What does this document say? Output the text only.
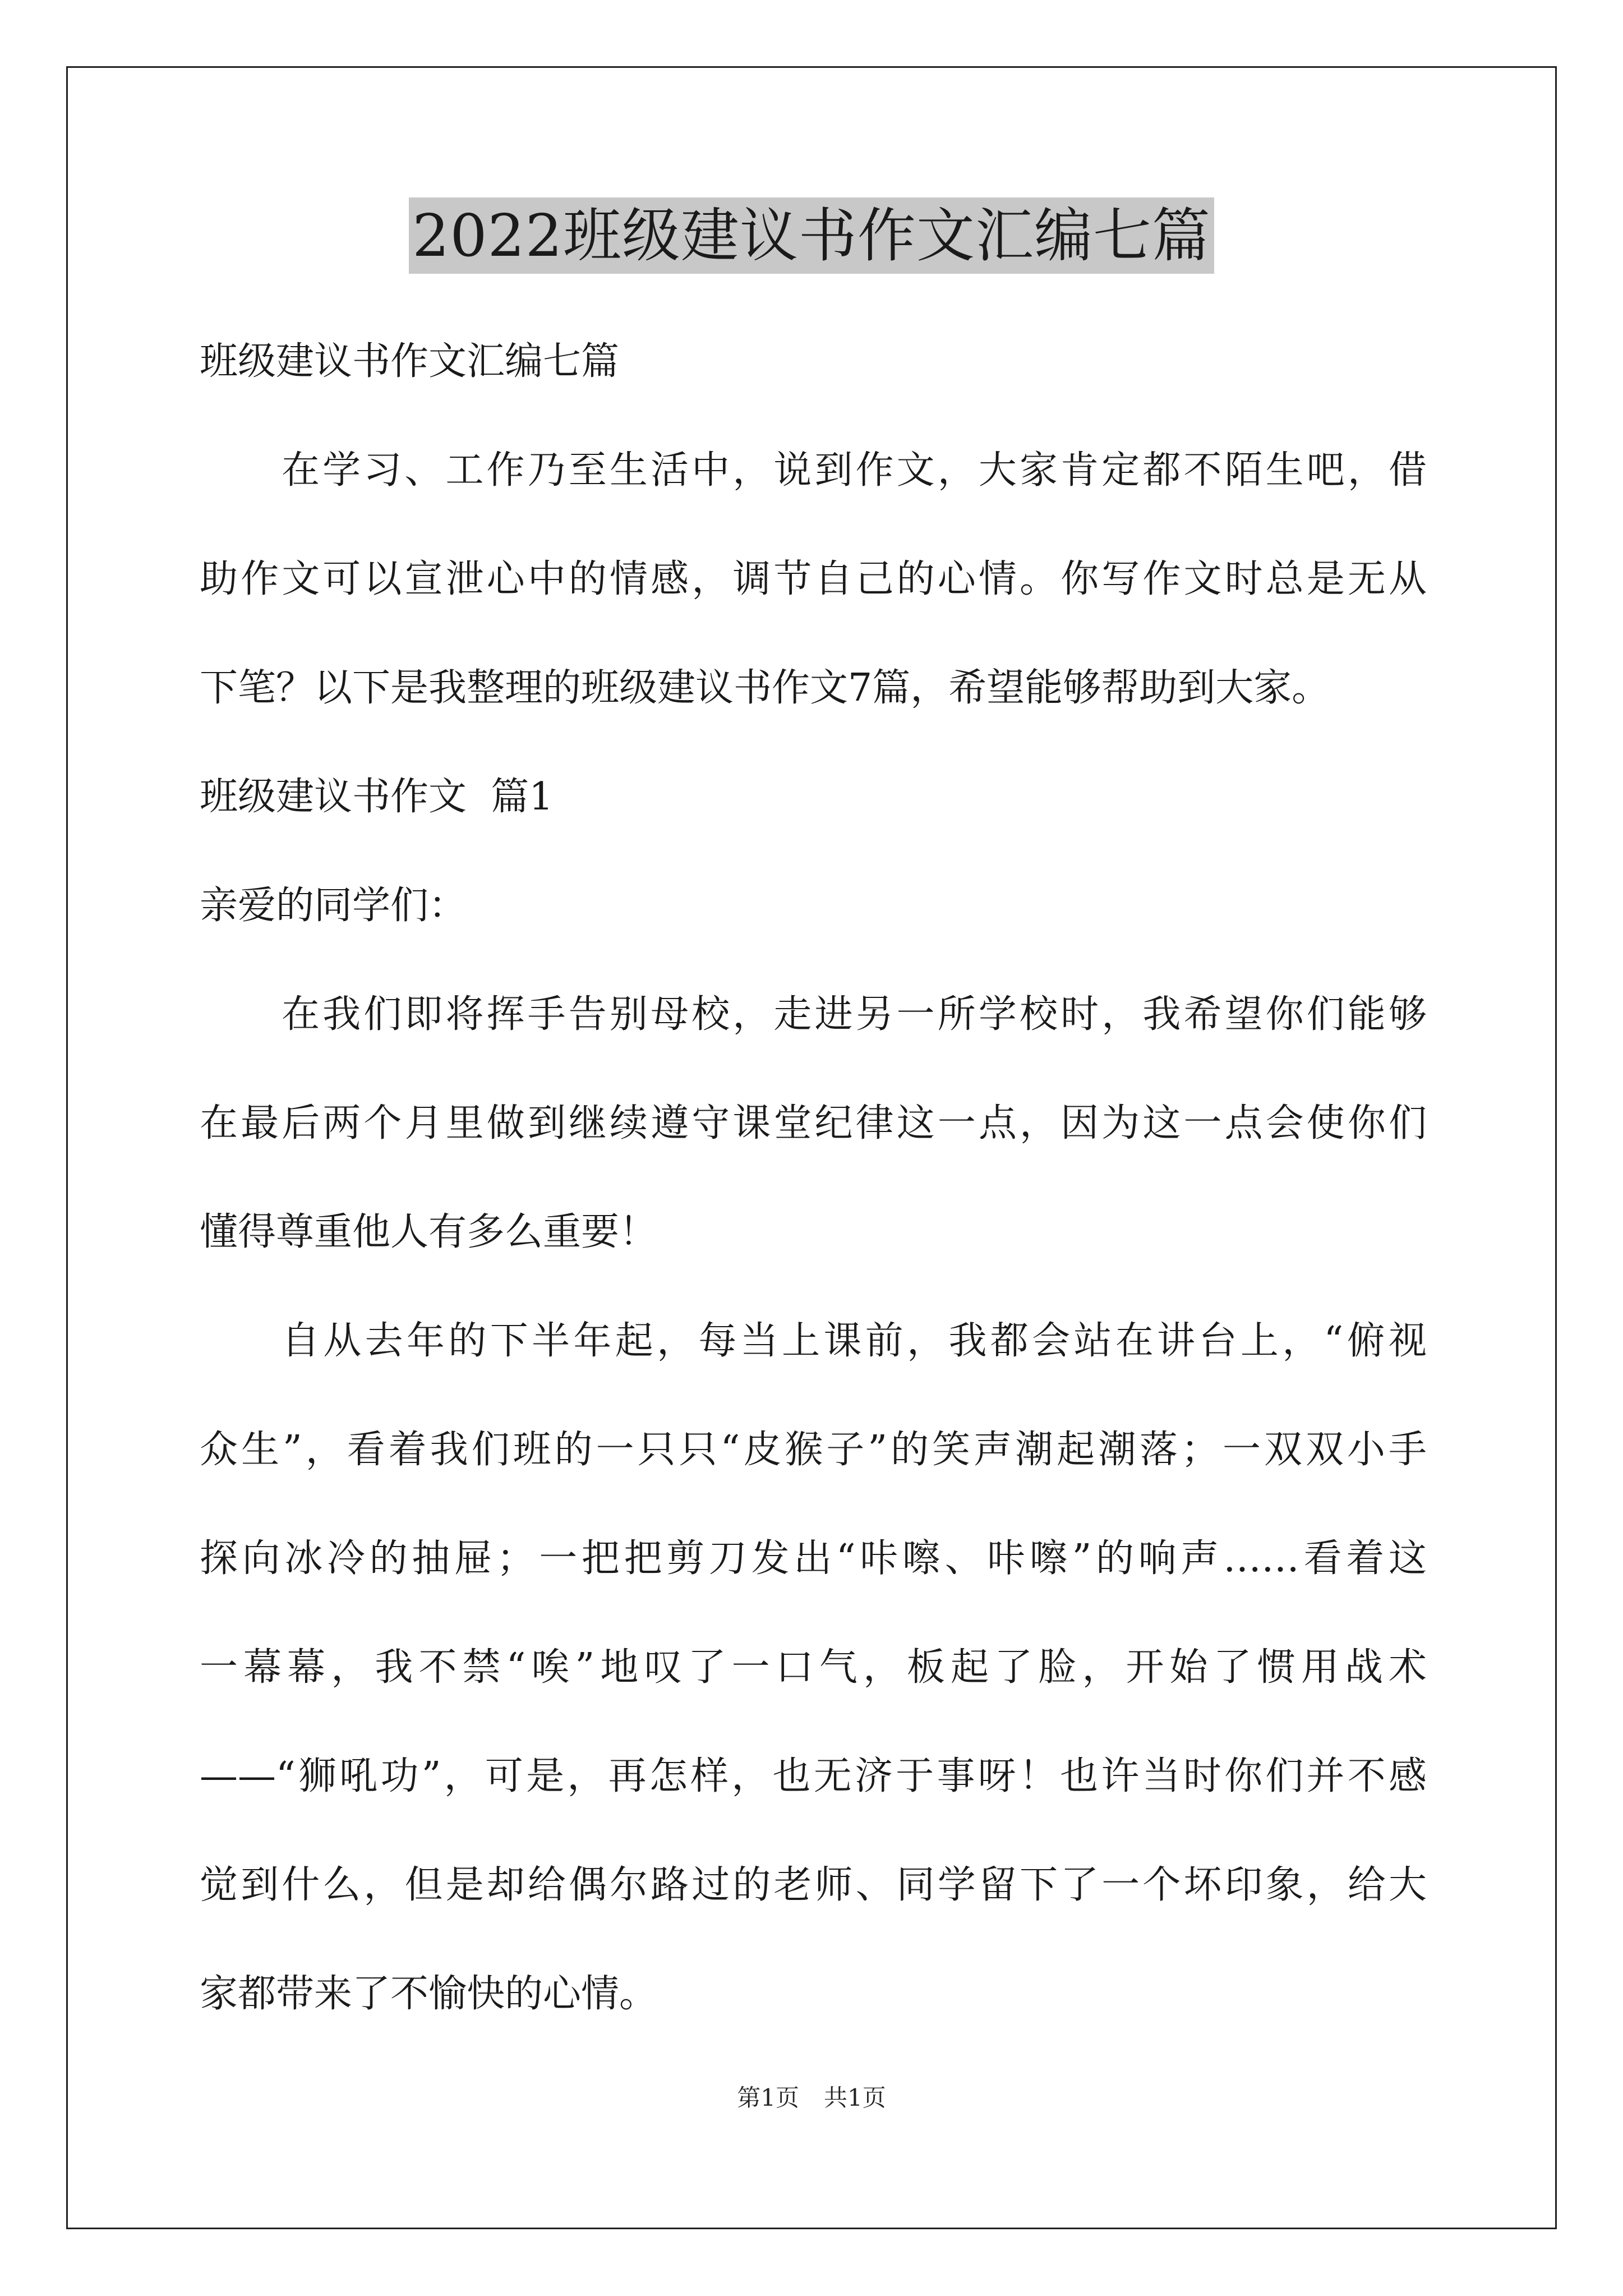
2022班级建议书作文汇编七篇
班级建议书作文汇编七篇
在学习、工作乃至生活中，说到作文，大家肯定都不陌生吧，借
助作文可以宣泄心中的情感，调节自己的心情。你写作文时总是无从
下笔？以下是我整理的班级建议书作文7篇，希望能够帮助到大家。
班级建议书作文  篇1
亲爱的同学们：
在我们即将挥手告别母校，走进另一所学校时，我希望你们能够
在最后两个月里做到继续遵守课堂纪律这一点，因为这一点会使你们
懂得尊重他人有多么重要！
自从去年的下半年起，每当上课前，我都会站在讲台上，“俯视
众生”，看着我们班的一只只“皮猴子”的笑声潮起潮落；一双双小手
探向冰冷的抽屉；一把把剪刀发出“咔嚓、咔嚓”的响声……看着这
一幕幕，我不禁“唉”地叹了一口气，板起了脸，开始了惯用战术
——“狮吼功”，可是，再怎样，也无济于事呀！也许当时你们并不感
觉到什么，但是却给偶尔路过的老师、同学留下了一个坏印象，给大
家都带来了不愉快的心情。
第1页 共1页
